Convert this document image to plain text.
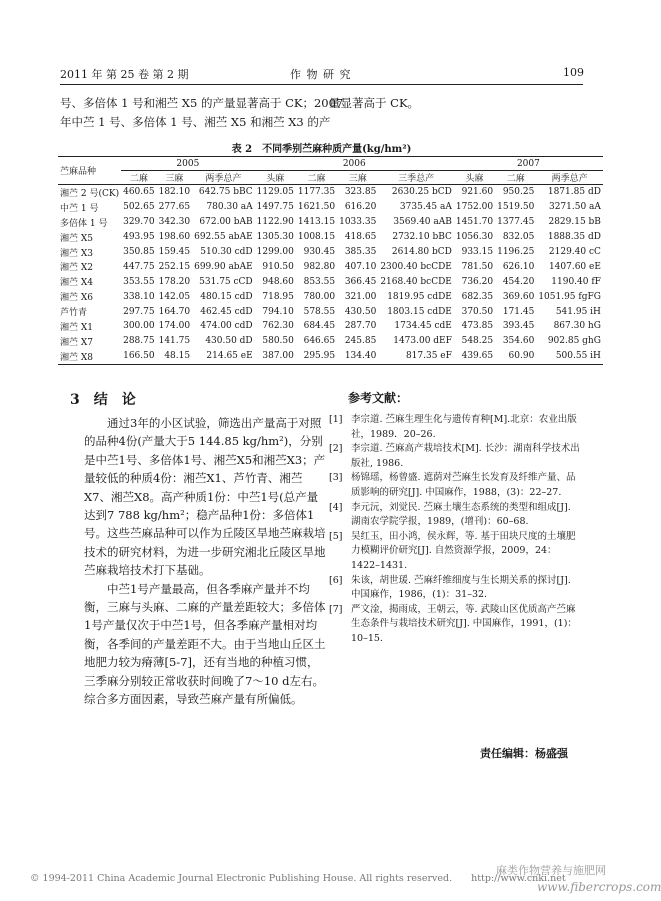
2011 年 第 25 卷 第 2 期	作 物 研 究	109
号、多倍体 1 号和湘苎 X5 的产量显著高于 CK；2007
年中苎 1 号、多倍体 1 号、湘苎 X5 和湘苎 X3 的产
量显著高于 CK。
表 2　不同季别苎麻种质产量(kg/hm²)
苎麻品种	2005			2006				2007		
	二麻	三麻	两季总产	头麻	二麻	三麻	三季总产	头麻	二麻	两季总产
湘苎 2 号(CK)	460.65	182.10	642.75 bBC	1129.05	1177.35	323.85	2630.25 bCD	921.60	950.25	1871.85 dD
中苎 1 号	502.65	277.65	780.30 aA	1497.75	1621.50	616.20	3735.45 aA	1752.00	1519.50	3271.50 aA
多倍体 1 号	329.70	342.30	672.00 bAB	1122.90	1413.15	1033.35	3569.40 aAB	1451.70	1377.45	2829.15 bB
湘苎 X5	493.95	198.60	692.55 abAE	1305.30	1008.15	418.65	2732.10 bBC	1056.30	832.05	1888.35 dD
湘苎 X3	350.85	159.45	510.30 cdD	1299.00	930.45	385.35	2614.80 bCD	933.15	1196.25	2129.40 cC
湘苎 X2	447.75	252.15	699.90 abAE	910.50	982.80	407.10	2300.40 bcCDE	781.50	626.10	1407.60 eE
湘苎 X4	353.55	178.20	531.75 cCD	948.60	853.55	366.45	2168.40 bcCDE	736.20	454.20	1190.40 fF
湘苎 X6	338.10	142.05	480.15 cdD	718.95	780.00	321.00	1819.95 cdDE	682.35	369.60	1051.95 fgFG
芦竹青	297.75	164.70	462.45 cdD	794.10	578.55	430.50	1803.15 cdDE	370.50	171.45	541.95 iH
湘苎 X1	300.00	174.00	474.00 cdD	762.30	684.45	287.70	1734.45 cdE	473.85	393.45	867.30 hG
湘苎 X7	288.75	141.75	430.50 dD	580.50	646.65	245.85	1473.00 dEF	548.25	354.60	902.85 ghG
湘苎 X8	166.50	48.15	214.65 eE	387.00	295.95	134.40	817.35 eF	439.65	60.90	500.55 iH
3　结　论	参考文献：

通过3年的小区试验，筛选出产量高于对照的品种4份(产量大于5 144.85 kg/hm²)，分别是中苎1号、多倍体1号、湘苎X5和湘苎X3；产量较低的种质4份：湘苎X1、芦竹青、湘苎X7、湘苎X8。高产种质1份：中苎1号(总产量达到7 788 kg/hm²；稳产品种1份：多倍体1号。这些苎麻品种可以作为丘陵区旱地苎麻栽培技术的研究材料，为进一步研究湘北丘陵区旱地苎麻栽培技术打下基础。

中苎1号产量最高，但各季麻产量并不均衡，三麻与头麻、二麻的产量差距较大；多倍体1号产量仅次于中苎1号，但各季麻产量相对均衡，各季间的产量差距不大。由于当地山丘区土地肥力较为瘠薄[5-7]，还有当地的种植习惯，三季麻分别较正常收获时间晚了7～10 d左右。综合多方面因素，导致苎麻产量有所偏低。

[1] 李宗道. 苎麻生理生化与遗传育种[M].北京：农业出版社，1989．20–26.
[2] 李宗道. 苎麻高产栽培技术[M]. 长沙：湖南科学技术出版社, 1986.
[3] 杨锦瑶，杨曾盛. 遮荫对苎麻生长发育及纤维产量、品质影响的研究[J]. 中国麻作，1988，(3)：22–27.
[4] 李元沅，刘觉民. 苎麻土壤生态系统的类型和组成[J]. 湖南农学院学报，1989，(增刊)：60–68.
[5] 吴红玉，田小鸿，侯永辉，等. 基于田块尺度的土壤肥力模糊评价研究[J]. 自然资源学报，2009，24：1422–1431.
[6] 朱该，胡世瑗. 苎麻纤维细度与生长期关系的探讨[J]. 中国麻作，1986，(1)：31–32.
[7] 严文淦，揭雨成，王朝云，等. 武陵山区优质高产苎麻生态条件与栽培技术研究[J]. 中国麻作，1991，(1)：10–15.
责任编辑：杨盛强
© 1994-2011 China Academic Journal Electronic Publishing House. All rights reserved.　　http://www.cnki.net
麻类作物营养与施肥网
www.fibercrops.com
